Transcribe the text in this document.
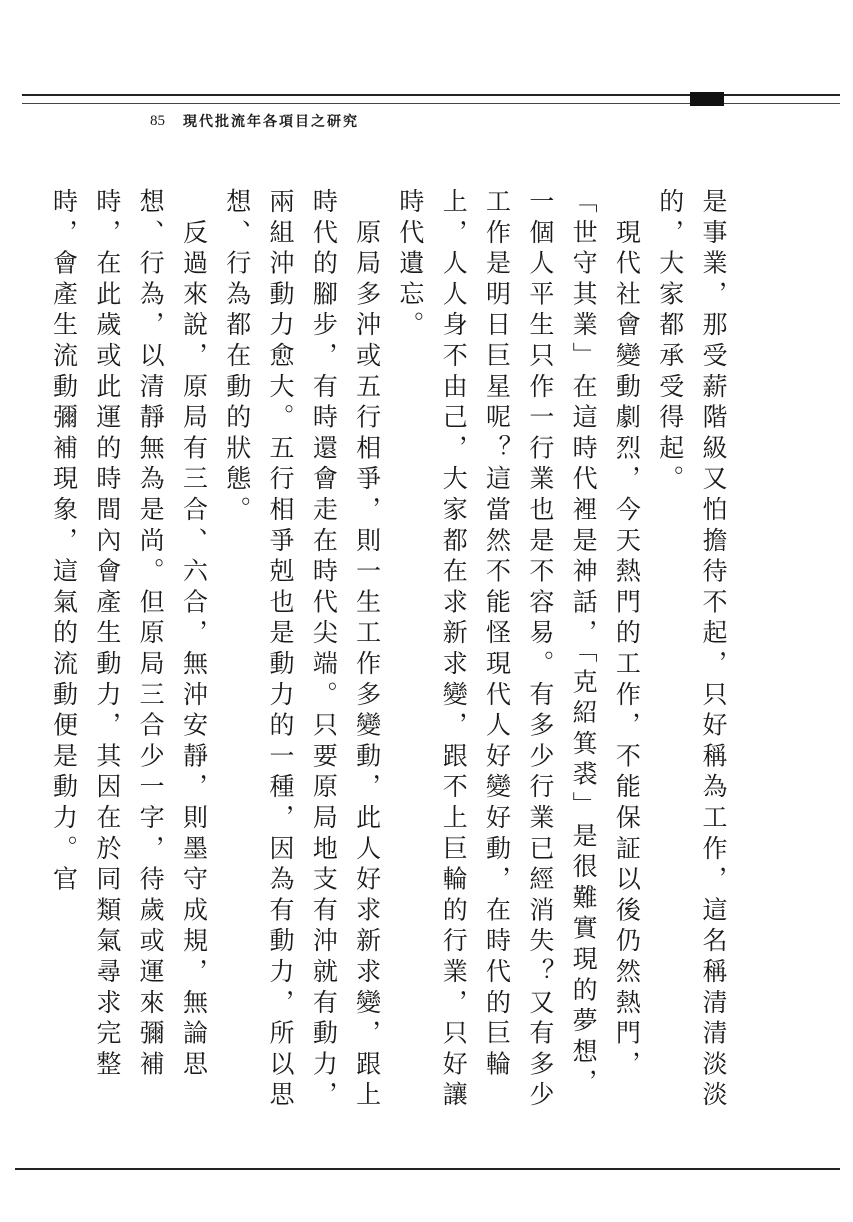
85 現代批流年各項目之研究

是事業，那受薪階級又怕擔待不起，只好稱為工作，這名稱清清淡淡的，大家都承受得起。

　現代社會變動劇烈，今天熱門的工作，不能保証以後仍然熱門，「世守其業」在這時代裡是神話，「克紹箕裘」是很難實現的夢想，一個人平生只作一行業也是不容易。有多少行業已經消失？又有多少工作是明日巨星呢？這當然不能怪現代人好變好動，在時代的巨輪上，人人身不由己，大家都在求新求變，跟不上巨輪的行業，只好讓時代遺忘。

　原局多沖或五行相爭，則一生工作多變動，此人好求新求變，跟上時代的腳步，有時還會走在時代尖端。只要原局地支有沖就有動力，兩組沖動力愈大。五行相爭剋也是動力的一種，因為有動力，所以思想、行為都在動的狀態。

　反過來說，原局有三合、六合，無沖安靜，則墨守成規，無論思想、行為，以清靜無為是尚。但原局三合少一字，待歲或運來彌補時，在此歲或此運的時間內會產生動力，其因在於同類氣尋求完整時，會產生流動彌補現象，這氣的流動便是動力。官
